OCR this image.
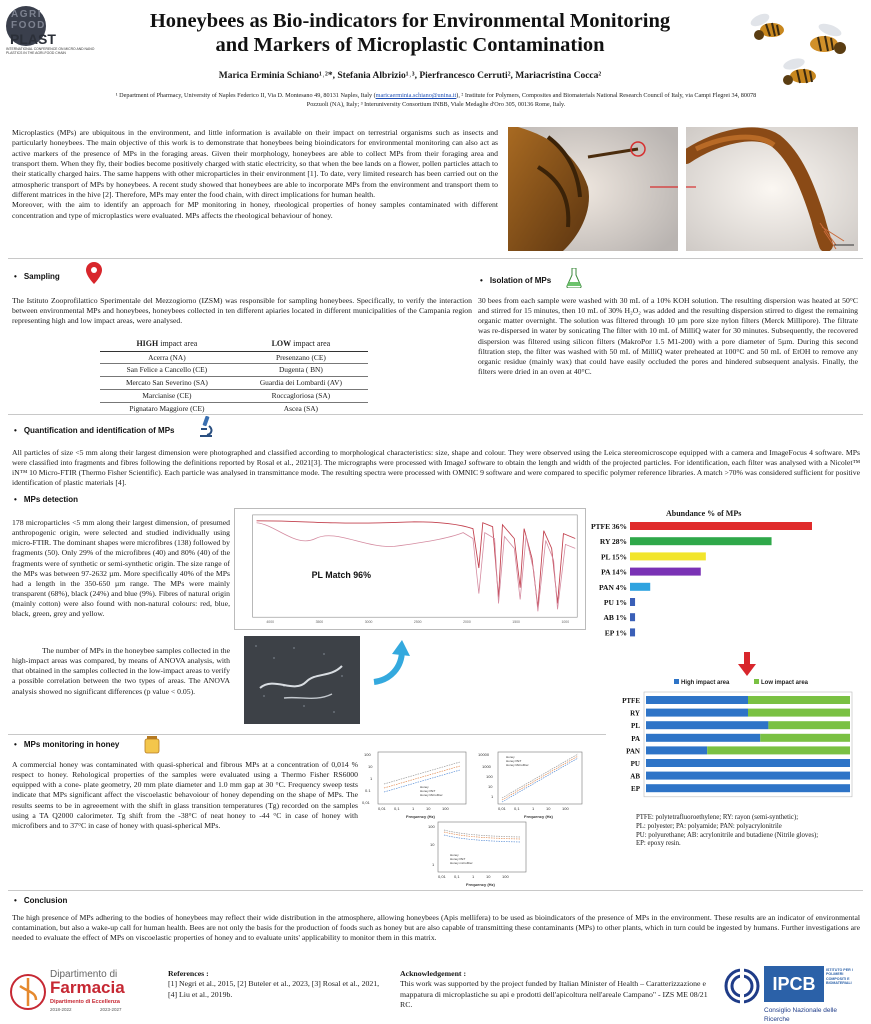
AGRI
FOOD
PLAST
INTERNATIONAL CONFERENCE ON MICRO AND NANO PLASTICS IN THE AGRI-FOOD CHAIN
Honeybees as Bio-indicators for Environmental Monitoring
and Markers of Microplastic Contamination
Marica Erminia Schiano¹˒²*, Stefania Albrizio¹˒³, Pierfrancesco Cerruti², Mariacristina Cocca²
¹ Department of Pharmacy, University of Naples Federico II, Via D. Montesano 49, 80131 Naples, Italy (maricaerminia.schiano@unina.it), ² Institute for Polymers, Composites and Biomaterials National Research Council of Italy, via Campi Flegrei 34, 80078
Pozzuoli (NA), Italy; ³ Interuniversity Consortium INBB, Viale Medaglie d'Oro 305, 00136 Rome, Italy.

Microplastics (MPs) are ubiquitous in the environment, and little information is available on their impact on terrestrial organisms such as insects and particularly honeybees. The main objective of this work is to demonstrate that honeybees being bioindicators for environmental monitoring can also act as active markers of the presence of MPs in the foraging areas. Given their morphology, honeybees are able to collect MPs from their foraging area and transport them. When they fly, their bodies become positively charged with static electricity, so that when the bee lands on a flower, pollen particles attach to their statically charged hairs. The same happens with other microparticles in their environment [1]. To date, very limited research has been carried out on the atmospheric transport of MPs by honeybees. A recent study showed that honeybees are able to incorporate MPs from the environment and transport them to different matrices in the hive [2]. Therefore, MPs may enter the food chain, with direct implications for human health.

Moreover, with the aim to identify an approach for MP monitoring in honey, rheological properties of honey samples contaminated with different concentration and type of microplastics were evaluated. MPs affects the rheological behaviour of honey.

• Sampling

The Istituto Zooprofilattico Sperimentale del Mezzogiorno (IZSM) was responsible for sampling honeybees. Specifically, to verify the interaction between environmental MPs and honeybees, honeybees collected in ten different apiaries located in different municipalities of the Campania region representing high and low impact areas, were analysed.

HIGH impact area	LOW impact area
Acerra (NA)	Presenzano (CE)
San Felice a Cancello (CE)	Dugenta ( BN)
Mercato San Severino (SA)	Guardia dei Lombardi (AV)
Marcianise (CE)	Roccagloriosa (SA)
Pignataro Maggiore (CE)	Ascea (SA)
• Isolation of MPs

30 bees from each sample were washed with 30 mL of a 10% KOH solution. The resulting dispersion was heated at 50°C and stirred for 15 minutes, then 10 mL of 30% H₂O₂ was added and the resulting dispersion stirred to digest the remaining organic matter overnight. The solution was filtered through 10 µm pore size nylon filters (Merck Millipore). The filtrate was re-dispersed in water by sonicating The filter with 10 mL of MilliQ water for 30 minutes. Subsequently, the recovered dispersion was filtered using silicon filters (MakroPor 1.5 M1-200) with a pore diameter of 5µm. During this second filtration step, the filter was washed with 50 mL of MilliQ water preheated at 100°C and 50 mL of EtOH to remove any organic residue (mainly wax) that could have easily occluded the pores and hindered subsequent analysis. Finally, the filters were dried in an oven at 40°C.

• Quantification and identification of MPs

All particles of size <5 mm along their largest dimension were photographed and classified according to morphological characteristics: size, shape and colour. They were observed using the Leica stereomicroscope equipped with a camera and ImageFocus 4 software. MPs were classified into fragments and fibres following the definitions reported by Rosal et al., 2021[3]. The micrographs were processed with ImageJ software to obtain the length and width of the projected particles. For identification, each filter was analysed with a Nicolet™ iN™ 10 Micro-FTIR (Thermo Fisher Scientific). Each particle was analysed in transmittance mode. The resulting spectra were processed with OMNIC 9 software and were compared to specific polymer reference libraries. A match >70% was considered sufficient for positive identification of plastic materials [4].

• MPs detection

178 microparticles <5 mm along their largest dimension, of presumed anthropogenic origin, were selected and studied individually using micro-FTIR. The dominant shapes were microfibres (138) followed by fragments (50). Only 29% of the microfibres (40) and 80% (40) of the fragments were of synthetic or semi-synthetic origin. The size range of the MPs was between 97-2632 µm. More specifically 40% of the MPs had a length in the 350-650 µm range. The MPs were mainly transparent (68%), black (24%) and blue (9%). Fibres of natural origin (mainly cotton) were also found with non-natural colours: red, blue, black, green, grey and yellow.

The number of MPs in the honeybee samples collected in the high-impact areas was compared, by means of ANOVA analysis, with that obtained in the samples collected in the low-impact areas to verify a possible correlation between the two types of areas. The ANOVA analysis showed no significant differences (p value < 0.05).

PL Match 96%
4000	3500	3000	2500	2000	1500	1000
Abundance % of MPs
PTFE 36%
RY 28%
PL 15%
PA 14%
PAN 4%
PU 1%
AB 1%
EP 1%
High impact area	Low impact area
PTFE
RY
PL
PA
PAN
PU
AB
EP
PTFE: polytetrafluoroethylene; RY: rayon (semi-synthetic);
PL: polyester; PA: polyamide; PAN: polyacrylonitrile
PU: polyurethane; AB: acrylonitrile and butadiene (Nitrile gloves);
EP: epoxy resin.
• MPs monitoring in honey

A commercial honey was contaminated with quasi-spherical and fibrous MPs at a concentration of 0,014 % respect to honey. Rehological properties of the samples were evaluated using a Thermo Fisher RS6000 equipped with a cone- plate geometry, 20 mm plate diameter and 1.0 mm gap at 30 °C. Frequency sweep tests indicate that MPs significant affect the viscoelastic behavoiour of honey depending on the shape of MPs. The results seems to be in agreeement with the shift in glass transition temperatures (Tg) recorded on the samples using a TA Q2000 calorimeter. Tg shift from the -38°C of neat honey to -44 °C in case of honey with microfibers and to 37°C in case of honey with quasi-spherical MPs.

100
10
1
0.1
0,01
0,01 0,1	1	10	100
Frequency (Hz)
Honey
Honey PET
Honey Microfiber
10000
1000
100
10
1
0,01 0,1	1	10	100
Frequency (Hz)
Honey
Honey PET
Honey Microfiber
100
10
1
0,01 0,1	1	10	100
Frequency (Hz)
Honey
Honey PET
Honey microfiber
• Conclusion

The high presence of MPs adhering to the bodies of honeybees may reflect their wide distribution in the atmosphere, allowing honeybees (Apis mellifera) to be used as bioindicators of the presence of MPs in the environment. These results are an indicator of environmental contamination, but also a wake-up call for human health. Bees are not only the basis for the production of foods such as honey but are also capable of transmitting these contaminants (MPs) to other plants, which in turn could be ingested by humans. Further investigations are needed to evaluate the effect of MPs on viscoelastic properties of honey and to evaluate units' applicability to monitor them in this matrix.

Dipartimento di
Farmacia
Dipartimento di Eccellenza
2018-2022	2023-2027
References :
[1] Negri et al., 2015, [2] Buteler et al., 2023, [3] Rosal et al., 2021, [4] Liu et al., 2019b.
Acknowledgement :
This work was supported by the project funded by Italian Minister of Health – Caratterizzazione e mappatura di microplastiche su api e prodotti dell'apicoltura nell'areale Campano" - IZS ME 08/21 RC.
IPCB
ISTITUTO PER I POLIMERI COMPOSITI E BIOMATERIALI
Consiglio Nazionale delle Ricerche
